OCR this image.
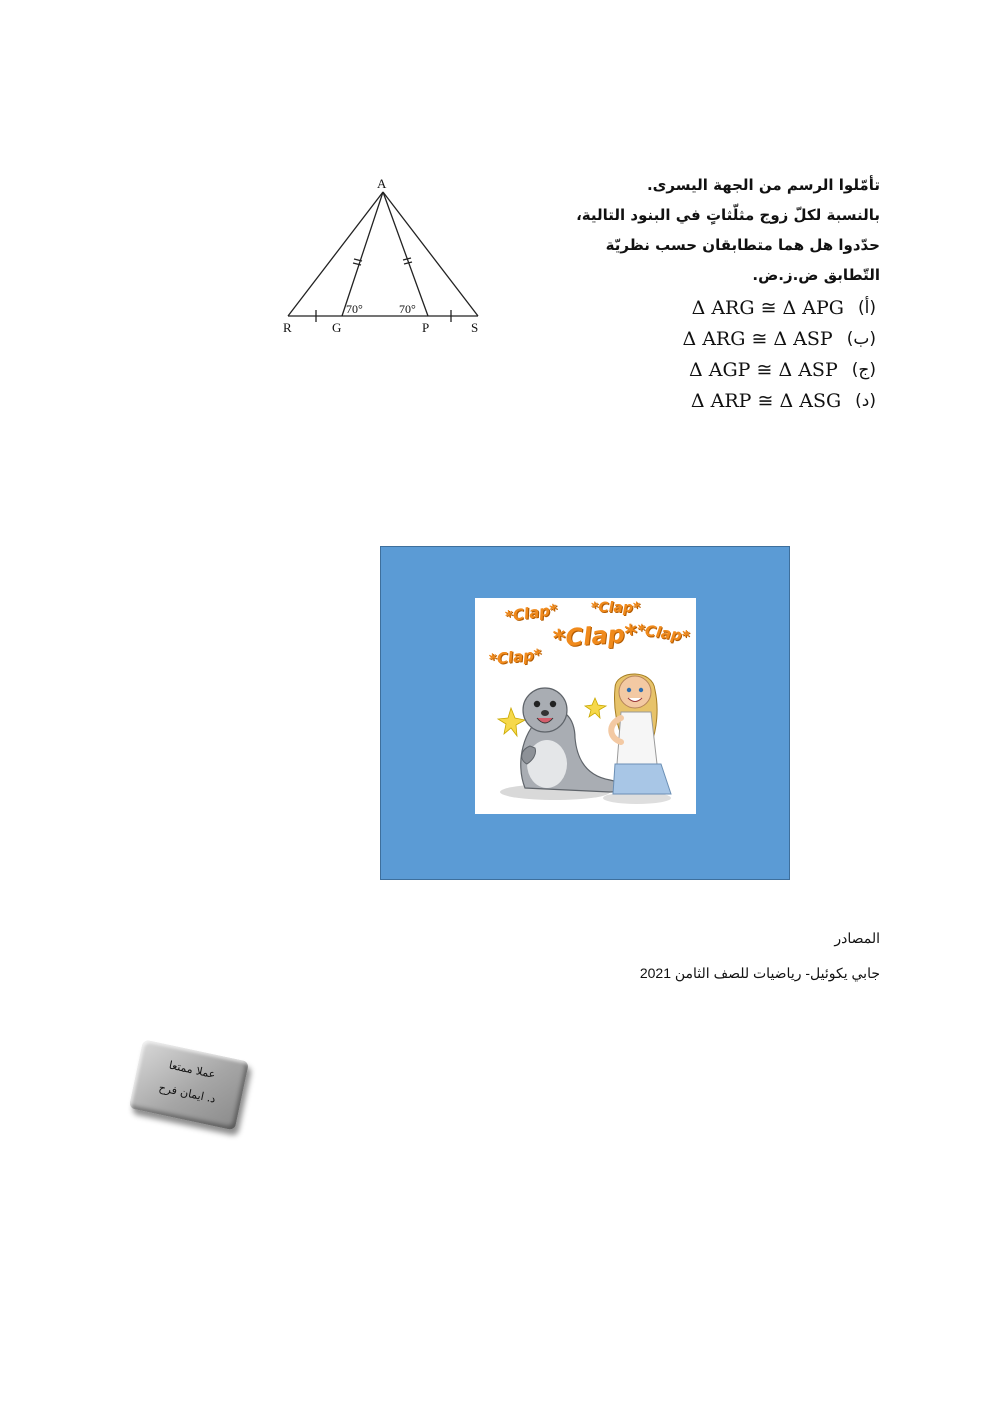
A
R	G	P	S
70°	70°
تأمّلوا الرسم من الجهة اليسرى.
بالنسبة لكلّ زوج مثلّثاتٍ في البنود التالية،
حدّدوا هل هما متطابقان حسب نظريّة
التّطابق ض.ز.ض.
Δ ARG ≅ Δ APG (أ)
Δ ARG ≅ Δ ASP (ب)
Δ AGP ≅ Δ ASP (ج)
Δ ARP ≅ Δ ASG (د)
*Clap* *Clap*
*Clap*
*Clap*
*Clap*
المصادر
جابي يكوئيل- رياضيات للصف الثامن 2021
عملا ممتعا
د. ايمان فرح
